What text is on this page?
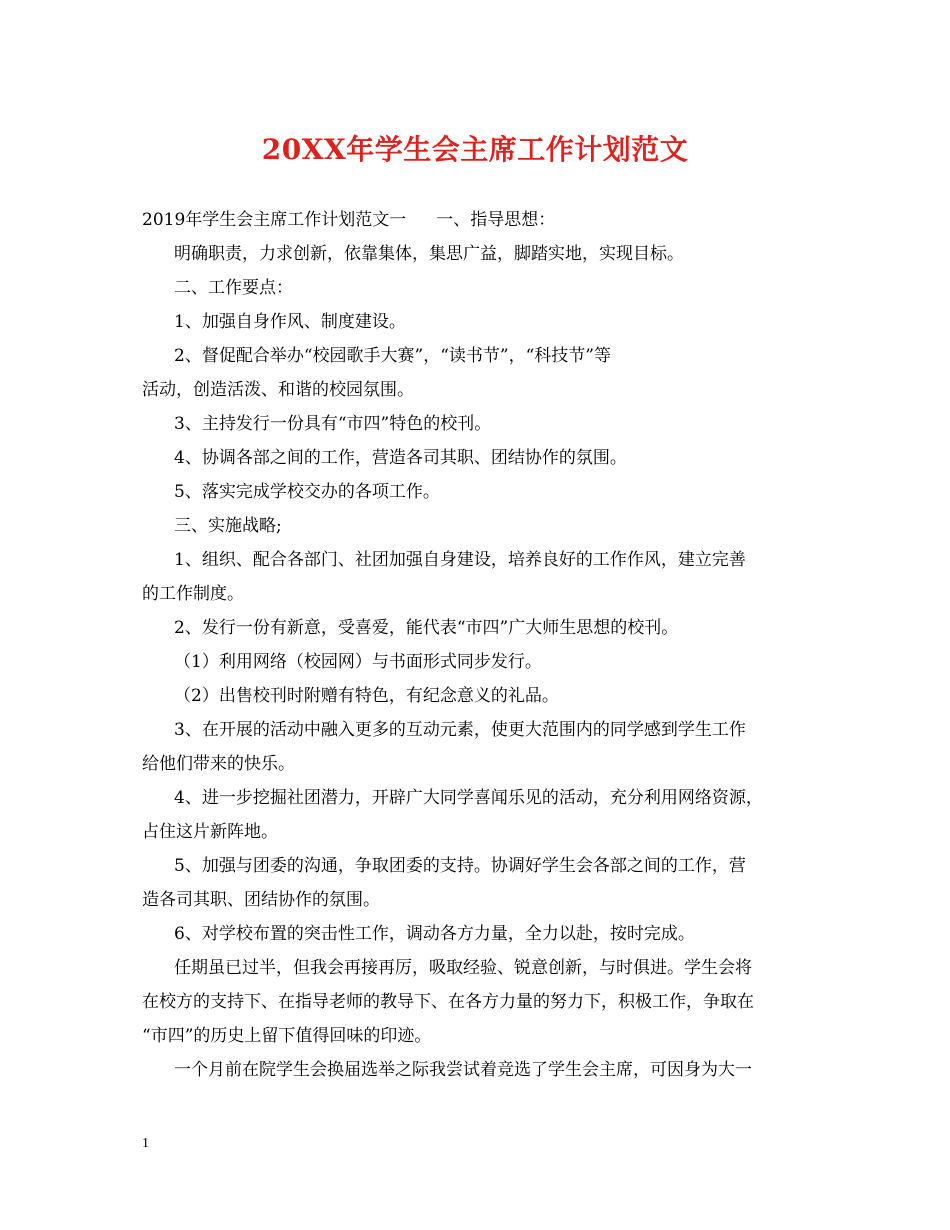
20XX年学生会主席工作计划范文
2019年学生会主席工作计划范文一 一、指导思想：
明确职责，力求创新，依靠集体，集思广益，脚踏实地，实现目标。
二、工作要点：
1、加强自身作风、制度建设。
2、督促配合举办“校园歌手大赛”，“读书节”，“科技节”等
活动，创造活泼、和谐的校园氛围。
3、主持发行一份具有“市四”特色的校刊。
4、协调各部之间的工作，营造各司其职、团结协作的氛围。
5、落实完成学校交办的各项工作。
三、实施战略;
1、组织、配合各部门、社团加强自身建设，培养良好的工作作风，建立完善
的工作制度。
2、发行一份有新意，受喜爱，能代表“市四”广大师生思想的校刊。
（1）利用网络（校园网）与书面形式同步发行。
（2）出售校刊时附赠有特色，有纪念意义的礼品。
3、在开展的活动中融入更多的互动元素，使更大范围内的同学感到学生工作
给他们带来的快乐。
4、进一步挖掘社团潜力，开辟广大同学喜闻乐见的活动，充分利用网络资源，
占住这片新阵地。
5、加强与团委的沟通，争取团委的支持。协调好学生会各部之间的工作，营
造各司其职、团结协作的氛围。
6、对学校布置的突击性工作，调动各方力量，全力以赴，按时完成。
任期虽已过半，但我会再接再厉，吸取经验、锐意创新，与时俱进。学生会将
在校方的支持下、在指导老师的教导下、在各方力量的努力下，积极工作，争取在
“市四”的历史上留下值得回味的印迹。
一个月前在院学生会换届选举之际我尝试着竞选了学生会主席，可因身为大一
1
